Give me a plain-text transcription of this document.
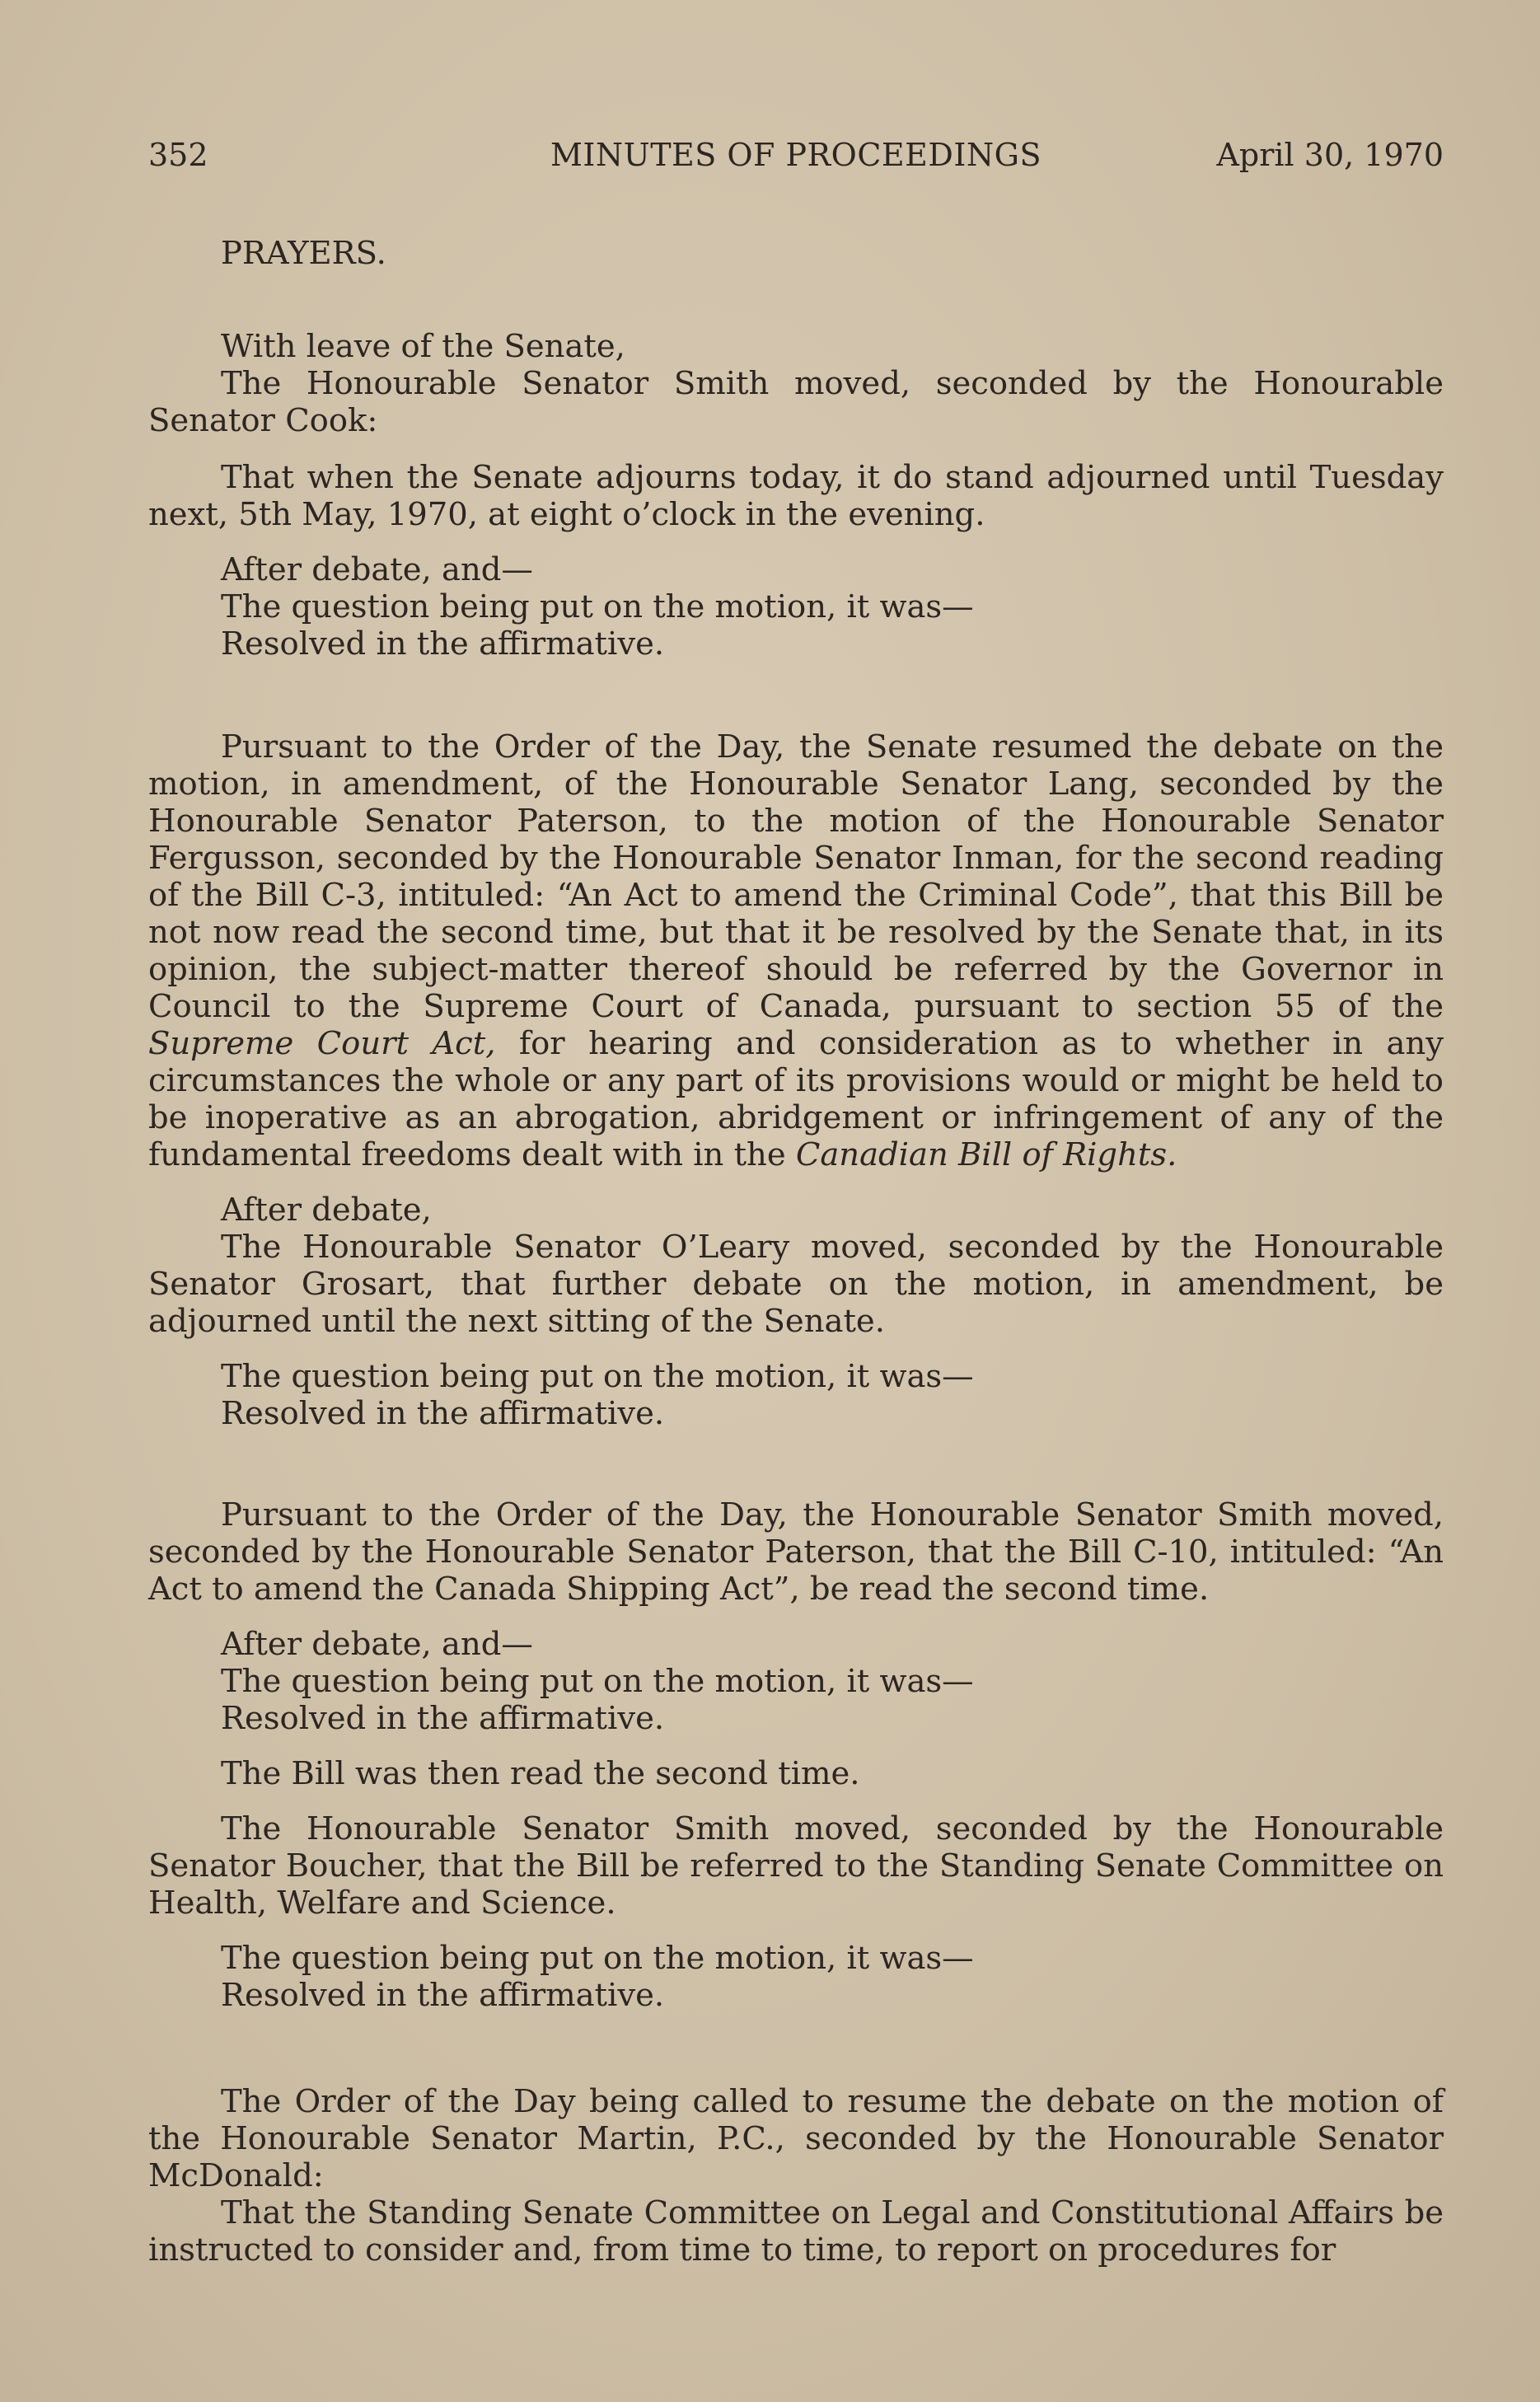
352	MINUTES OF PROCEEDINGS	April 30, 1970

PRAYERS.

With leave of the Senate,

The Honourable Senator Smith moved, seconded by the Honourable Senator Cook:

That when the Senate adjourns today, it do stand adjourned until Tuesday next, 5th May, 1970, at eight o’clock in the evening.

After debate, and—

The question being put on the motion, it was—

Resolved in the affirmative.

Pursuant to the Order of the Day, the Senate resumed the debate on the motion, in amendment, of the Honourable Senator Lang, seconded by the Honourable Senator Paterson, to the motion of the Honourable Senator Fergusson, seconded by the Honourable Senator Inman, for the second reading of the Bill C-3, intituled: “An Act to amend the Criminal Code”, that this Bill be not now read the second time, but that it be resolved by the Senate that, in its opinion, the subject-matter thereof should be referred by the Governor in Council to the Supreme Court of Canada, pursuant to section 55 of the Supreme Court Act, for hearing and consideration as to whether in any circumstances the whole or any part of its provisions would or might be held to be inoperative as an abrogation, abridgement or infringement of any of the fundamental freedoms dealt with in the Canadian Bill of Rights.

After debate,

The Honourable Senator O’Leary moved, seconded by the Honourable Senator Grosart, that further debate on the motion, in amendment, be adjourned until the next sitting of the Senate.

The question being put on the motion, it was—

Resolved in the affirmative.

Pursuant to the Order of the Day, the Honourable Senator Smith moved, seconded by the Honourable Senator Paterson, that the Bill C-10, intituled: “An Act to amend the Canada Shipping Act”, be read the second time.

After debate, and—

The question being put on the motion, it was—

Resolved in the affirmative.

The Bill was then read the second time.

The Honourable Senator Smith moved, seconded by the Honourable Senator Boucher, that the Bill be referred to the Standing Senate Committee on Health, Welfare and Science.

The question being put on the motion, it was—

Resolved in the affirmative.

The Order of the Day being called to resume the debate on the motion of the Honourable Senator Martin, P.C., seconded by the Honourable Senator McDonald:

That the Standing Senate Committee on Legal and Constitutional Affairs be instructed to consider and, from time to time, to report on procedures for
